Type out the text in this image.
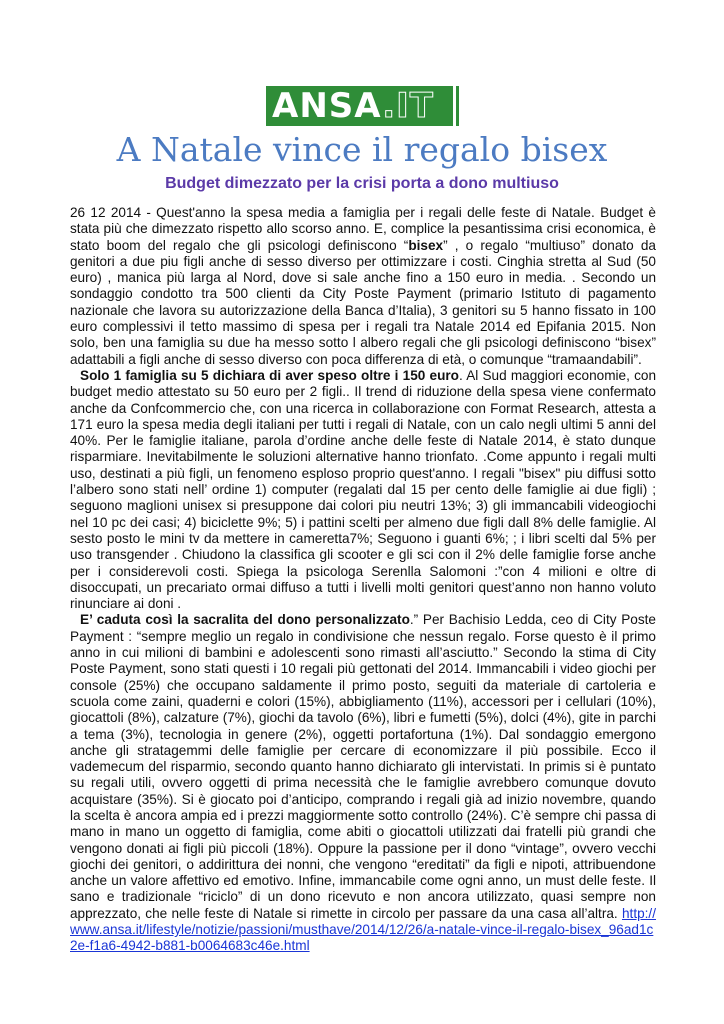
ANSA.IT
A Natale vince il regalo bisex
Budget dimezzato per la crisi porta a dono multiuso

26 12 2014 - Quest'anno la spesa media a famiglia per i regali delle feste di Natale. Budget è stata più che dimezzato rispetto allo scorso anno. E, complice la pesantissima crisi economica, è stato boom del regalo che gli psicologi definiscono “bisex” , o regalo “multiuso” donato da genitori a due piu figli anche di sesso diverso per ottimizzare i costi. Cinghia stretta al Sud (50 euro) , manica più larga al Nord, dove si sale anche fino a 150 euro in media. . Secondo un sondaggio condotto tra 500 clienti da City Poste Payment (primario Istituto di pagamento nazionale che lavora su autorizzazione della Banca d’Italia), 3 genitori su 5 hanno fissato in 100 euro complessivi il tetto massimo di spesa per i regali tra Natale 2014 ed Epifania 2015. Non solo, ben una famiglia su due ha messo sotto l albero regali che gli psicologi definiscono “bisex” adattabili a figli anche di sesso diverso con poca differenza di età, o comunque “tramaandabili”.

Solo 1 famiglia su 5 dichiara di aver speso oltre i 150 euro. Al Sud maggiori economie, con budget medio attestato su 50 euro per 2 figli.. Il trend di riduzione della spesa viene confermato anche da Confcommercio che, con una ricerca in collaborazione con Format Research, attesta a 171 euro la spesa media degli italiani per tutti i regali di Natale, con un calo negli ultimi 5 anni del 40%. Per le famiglie italiane, parola d’ordine anche delle feste di Natale 2014, è stato dunque risparmiare. Inevitabilmente le soluzioni alternative hanno trionfato. .Come appunto i regali multi uso, destinati a più figli, un fenomeno esploso proprio quest'anno. I regali "bisex" piu diffusi sotto l’albero sono stati nell’ ordine 1) computer (regalati dal 15 per cento delle famiglie ai due figli) ; seguono maglioni unisex si presuppone dai colori piu neutri 13%; 3) gli immancabili videogiochi nel 10 pc dei casi; 4) biciclette 9%; 5) i pattini scelti per almeno due figli dall 8% delle famiglie. Al sesto posto le mini tv da mettere in cameretta7%; Seguono i guanti 6%; ; i libri scelti dal 5% per uso transgender . Chiudono la classifica gli scooter e gli sci con il 2% delle famiglie forse anche per i considerevoli costi. Spiega la psicologa Serenlla Salomoni :”con 4 milioni e oltre di disoccupati, un precariato ormai diffuso a tutti i livelli molti genitori quest’anno non hanno voluto rinunciare ai doni .

E’ caduta così la sacralita del dono personalizzato.” Per Bachisio Ledda, ceo di City Poste Payment : “sempre meglio un regalo in condivisione che nessun regalo. Forse questo è il primo anno in cui milioni di bambini e adolescenti sono rimasti all’asciutto.” Secondo la stima di City Poste Payment, sono stati questi i 10 regali più gettonati del 2014. Immancabili i video giochi per console (25%) che occupano saldamente il primo posto, seguiti da materiale di cartoleria e scuola come zaini, quaderni e colori (15%), abbigliamento (11%), accessori per i cellulari (10%), giocattoli (8%), calzature (7%), giochi da tavolo (6%), libri e fumetti (5%), dolci (4%), gite in parchi a tema (3%), tecnologia in genere (2%), oggetti portafortuna (1%). Dal sondaggio emergono anche gli stratagemmi delle famiglie per cercare di economizzare il più possibile. Ecco il vademecum del risparmio, secondo quanto hanno dichiarato gli intervistati. In primis si è puntato su regali utili, ovvero oggetti di prima necessità che le famiglie avrebbero comunque dovuto acquistare (35%). Si è giocato poi d’anticipo, comprando i regali già ad inizio novembre, quando la scelta è ancora ampia ed i prezzi maggiormente sotto controllo (24%). C’è sempre chi passa di mano in mano un oggetto di famiglia, come abiti o giocattoli utilizzati dai fratelli più grandi che vengono donati ai figli più piccoli (18%). Oppure la passione per il dono “vintage”, ovvero vecchi giochi dei genitori, o addirittura dei nonni, che vengono “ereditati” da figli e nipoti, attribuendone anche un valore affettivo ed emotivo. Infine, immancabile come ogni anno, un must delle feste. Il sano e tradizionale “riciclo” di un dono ricevuto e non ancora utilizzato, quasi sempre non apprezzato, che nelle feste di Natale si rimette in circolo per passare da una casa all’altra. http://www.ansa.it/lifestyle/notizie/passioni/musthave/2014/12/26/a-natale-vince-il-regalo-bisex_96ad1c2e-f1a6-4942-b881-b0064683c46e.html
